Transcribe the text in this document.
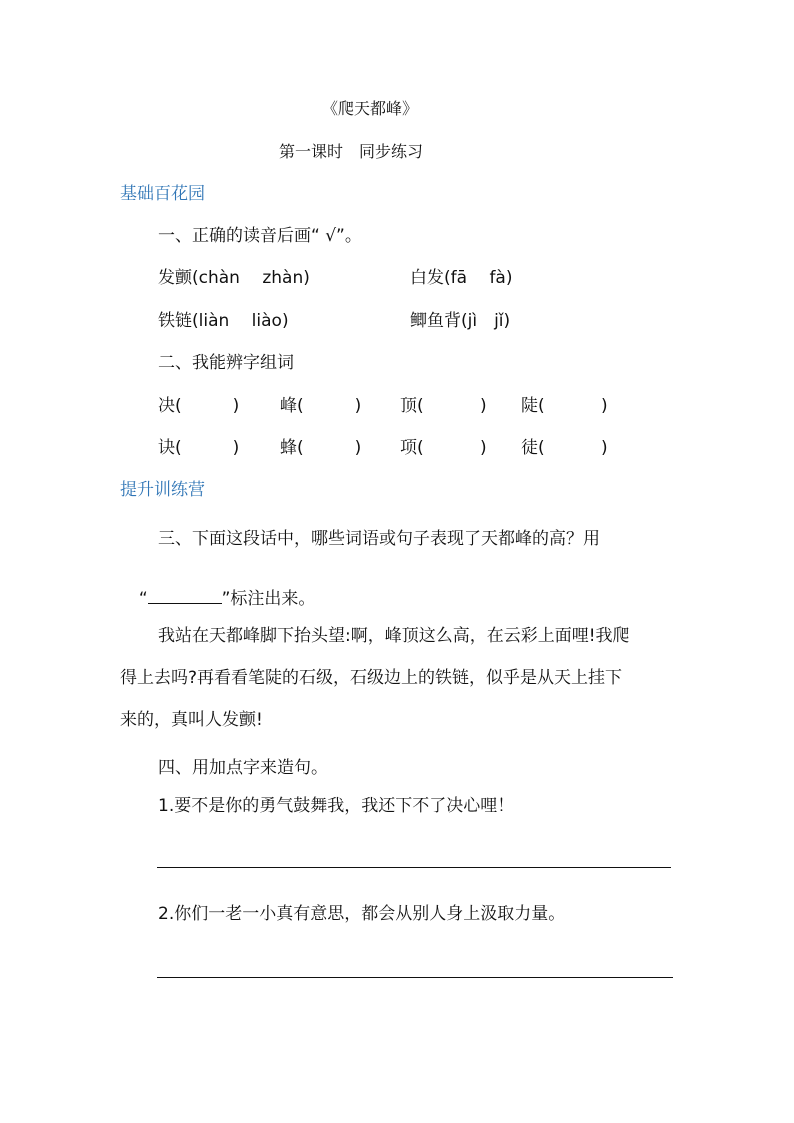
《爬天都峰》
第一课时　同步练习
基础百花园
一、正确的读音后画“ √”。
发颤(chàn　 zhàn)	白发(fā　 fà)
铁链(liàn　 liào)	鲫鱼背(jì　jǐ)
二、我能辨字组词
决(　　　) 峰(　　　) 顶(　　　 ) 陡(　　　 )
诀(　　　) 蜂(　　　) 项(　　　 ) 徒(　　　 )
提升训练营
三、下面这段话中，哪些词语或句子表现了天都峰的高？用

“	”标注出来。

我站在天都峰脚下抬头望:啊，峰顶这么高，在云彩上面哩!我爬
得上去吗?再看看笔陡的石级，石级边上的铁链，似乎是从天上挂下
来的，真叫人发颤!
四、用加点字来造句。
1.要不是你的勇气鼓舞我，我还下不了决心哩！
2.你们一老一小真有意思，都会从别人身上汲取力量。
